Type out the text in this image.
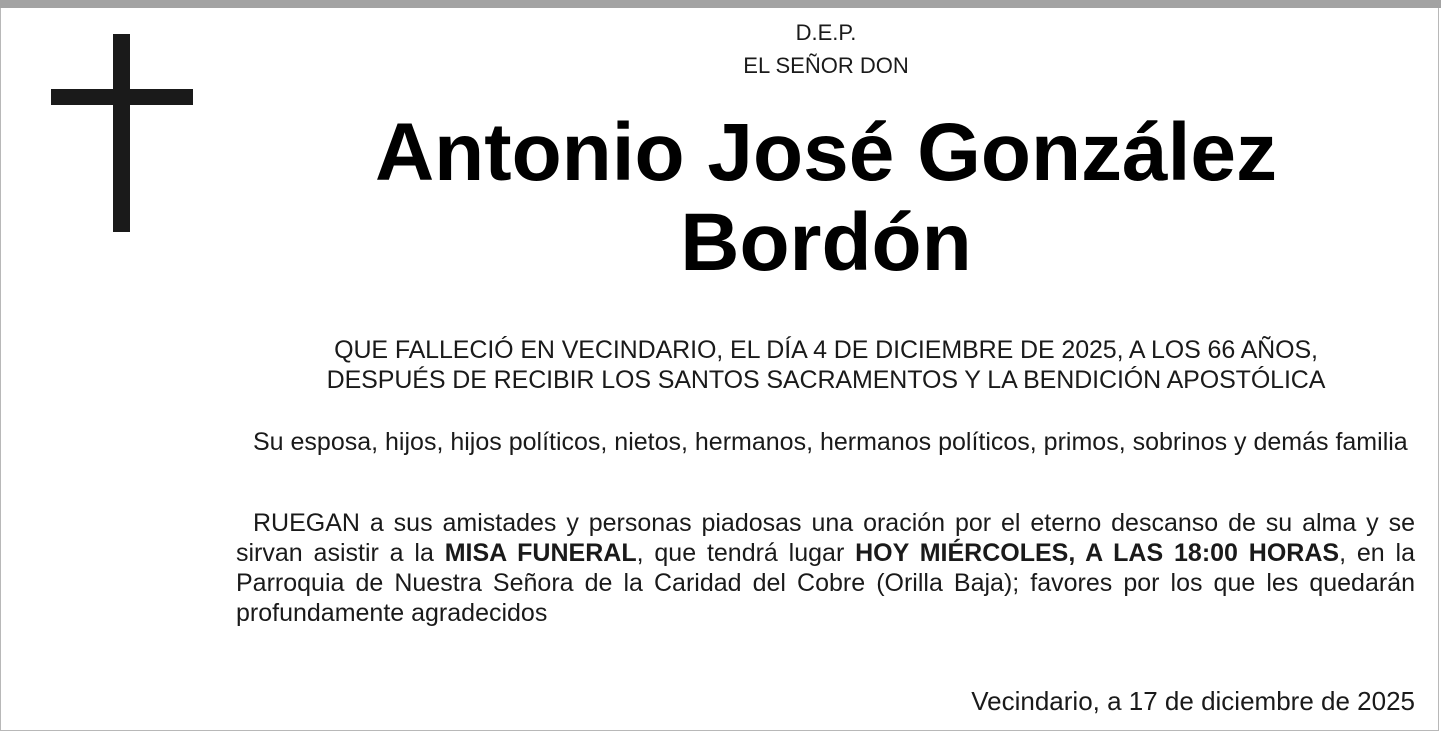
D.E.P.
EL SEÑOR DON
Antonio José González
Bordón
QUE FALLECIÓ EN VECINDARIO, EL DÍA 4 DE DICIEMBRE DE 2025, A LOS 66 AÑOS,
DESPUÉS DE RECIBIR LOS SANTOS SACRAMENTOS Y LA BENDICIÓN APOSTÓLICA
Su esposa, hijos, hijos políticos, nietos, hermanos, hermanos políticos, primos, sobrinos y demás familia
RUEGAN a sus amistades y personas piadosas una oración por el eterno descanso de su alma y se sirvan asistir a la MISA FUNERAL, que tendrá lugar HOY MIÉRCOLES, A LAS 18:00 HORAS, en la Parroquia de Nuestra Señora de la Caridad del Cobre (Orilla Baja); favores por los que les quedarán profundamente agradecidos
Vecindario, a 17 de diciembre de 2025
